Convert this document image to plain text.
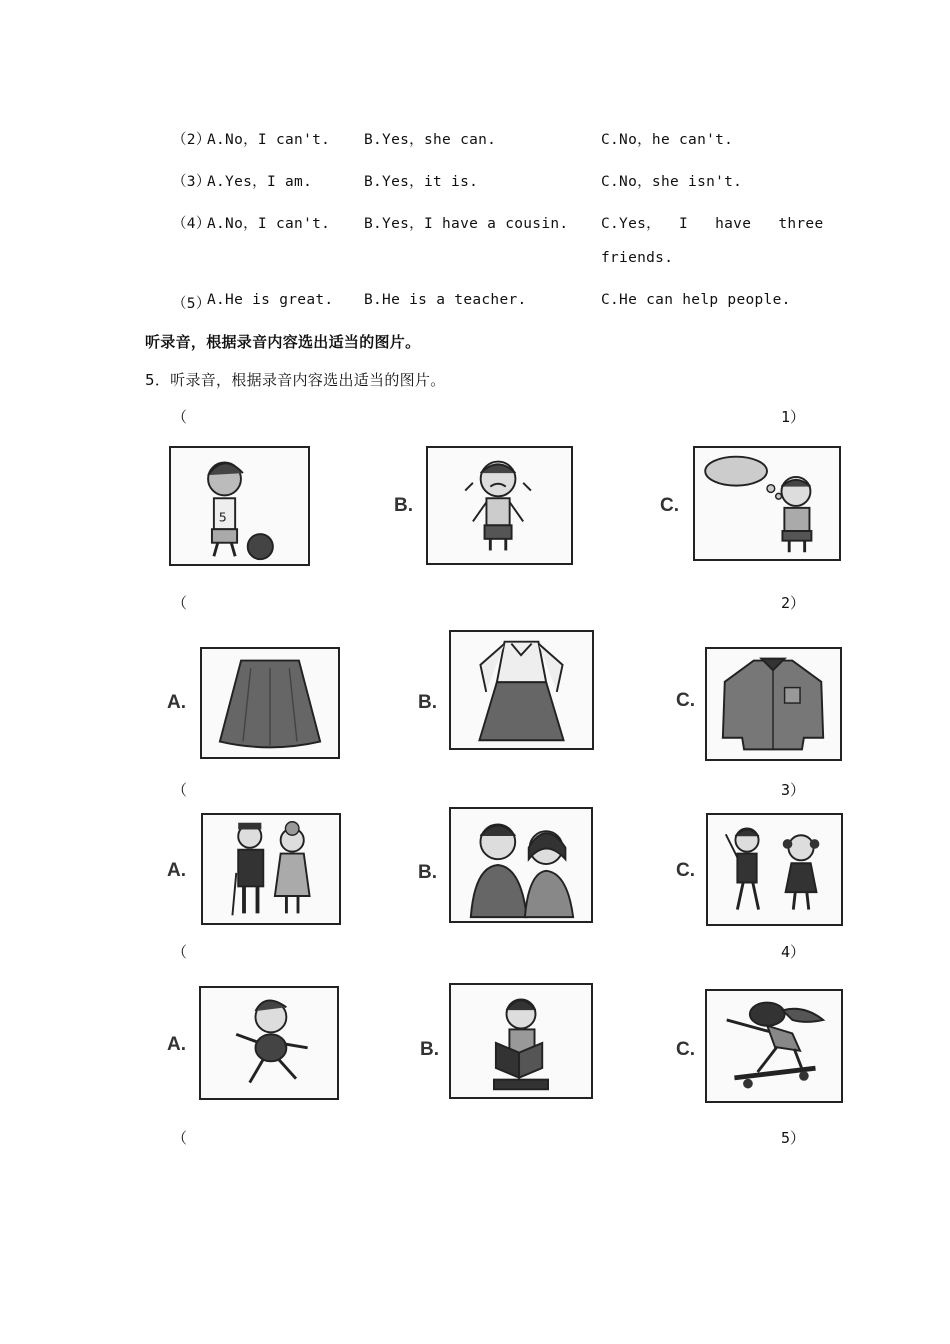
（2）
A.No，I can't. B.Yes，she can.	C.No，he can't.
（3）
A.Yes，I am.	B.Yes，it is.	C.No，she isn't.
（4）
A.No，I can't. B.Yes，I have a cousin. C.Yes，  I   have   three
friends.
（5）
A.He is great. B.He is a teacher.	C.He can help people.
听录音，根据录音内容选出适当的图片。
5．听录音，根据录音内容选出适当的图片。
（	1）
5
B.	C.
（	2）
A.	B.	C.
（	3）
A.	B.	C.
（	4）
A.	B.	C.
（	5）
